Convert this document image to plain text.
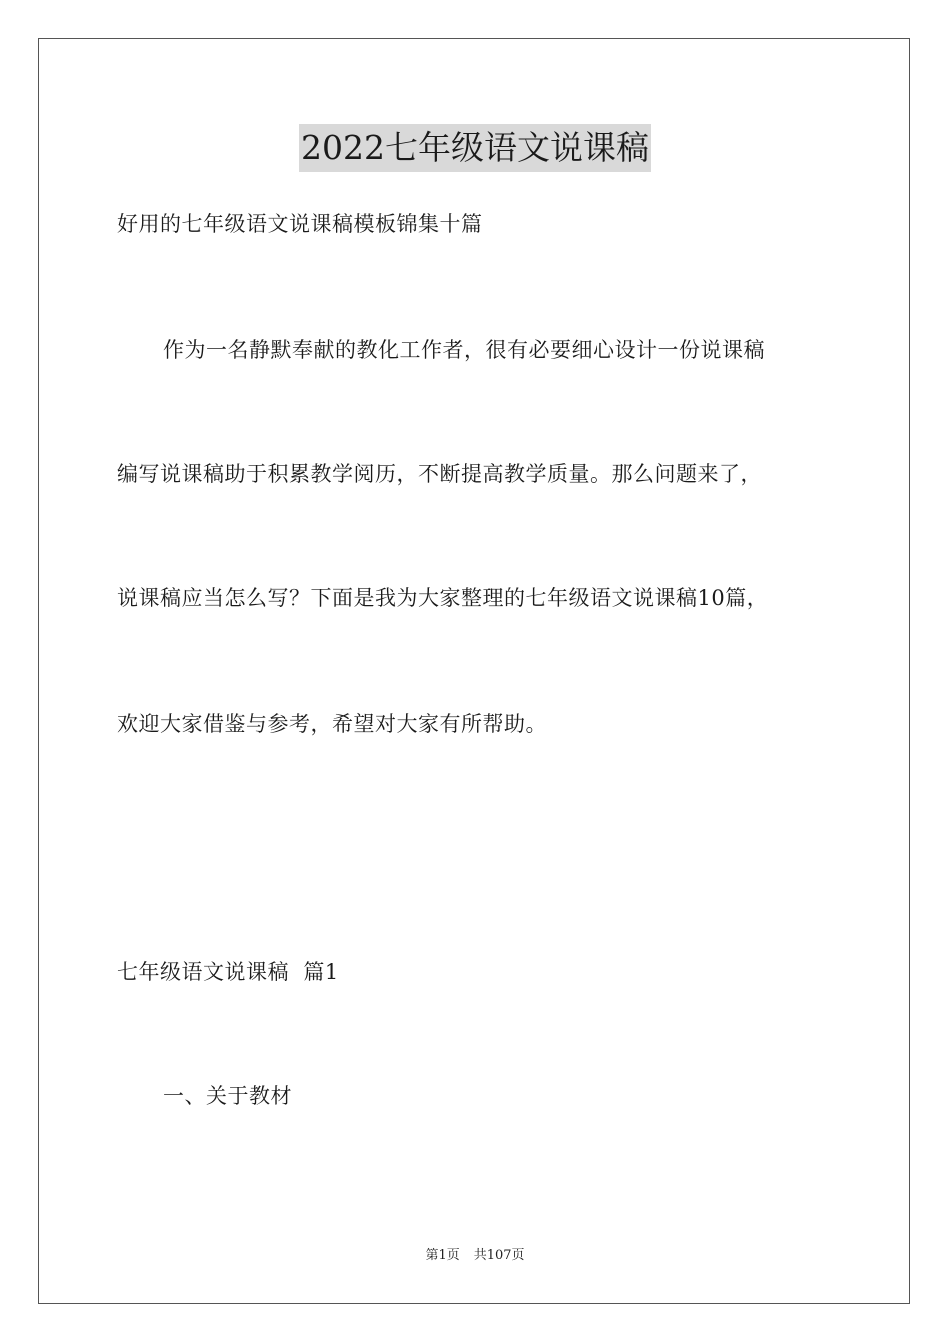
2022七年级语文说课稿
好用的七年级语文说课稿模板锦集十篇
作为一名静默奉献的教化工作者，很有必要细心设计一份说课稿
编写说课稿助于积累教学阅历，不断提高教学质量。那么问题来了，
说课稿应当怎么写？下面是我为大家整理的七年级语文说课稿10篇，
欢迎大家借鉴与参考，希望对大家有所帮助。
七年级语文说课稿  篇1
一、关于教材
第1页 共107页
